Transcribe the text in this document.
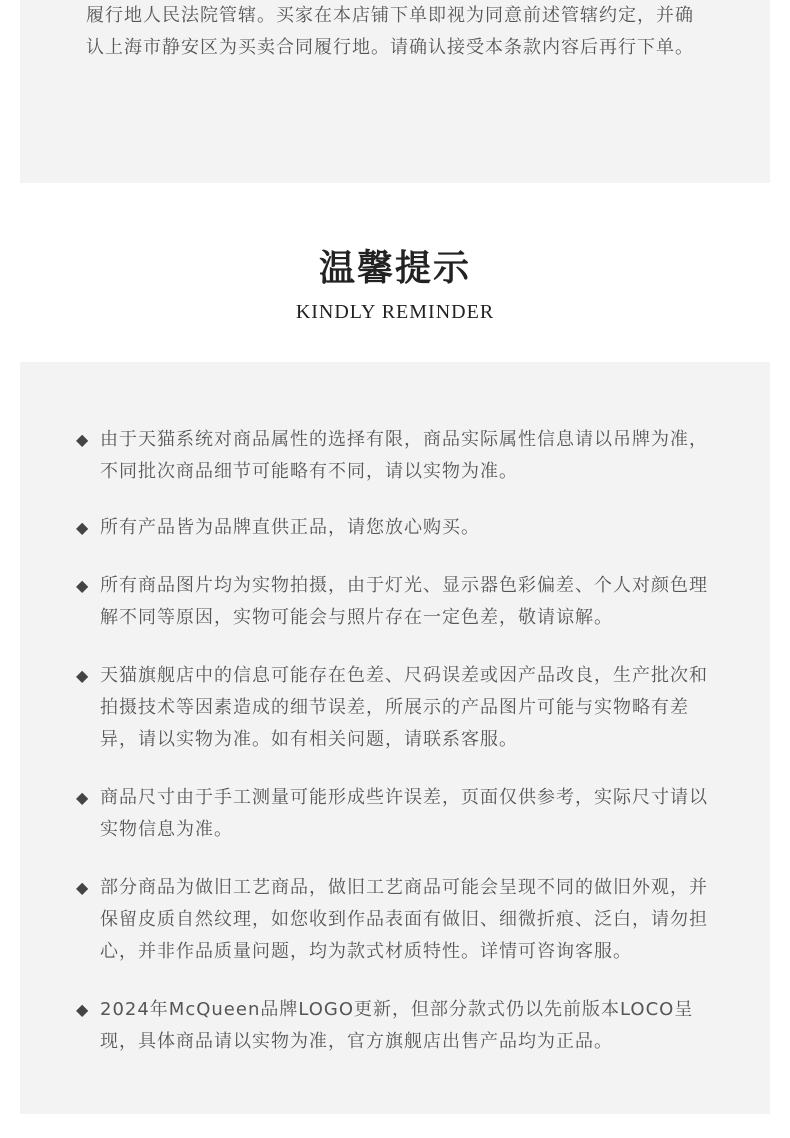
履行地人民法院管辖。买家在本店铺下单即视为同意前述管辖约定，并确认上海市静安区为买卖合同履行地。请确认接受本条款内容后再行下单。

温馨提示
KINDLY REMINDER
◆ 由于天猫系统对商品属性的选择有限，商品实际属性信息请以吊牌为准，不同批次商品细节可能略有不同，请以实物为准。
◆ 所有产品皆为品牌直供正品，请您放心购买。
◆ 所有商品图片均为实物拍摄，由于灯光、显示器色彩偏差、个人对颜色理解不同等原因，实物可能会与照片存在一定色差，敬请谅解。
◆ 天猫旗舰店中的信息可能存在色差、尺码误差或因产品改良，生产批次和拍摄技术等因素造成的细节误差，所展示的产品图片可能与实物略有差异，请以实物为准。如有相关问题，请联系客服。
◆ 商品尺寸由于手工测量可能形成些许误差，页面仅供参考，实际尺寸请以实物信息为准。
◆ 部分商品为做旧工艺商品，做旧工艺商品可能会呈现不同的做旧外观，并保留皮质自然纹理，如您收到作品表面有做旧、细微折痕、泛白，请勿担心，并非作品质量问题，均为款式材质特性。详情可咨询客服。
◆ 2024年McQueen品牌LOGO更新，但部分款式仍以先前版本LOCO呈现，具体商品请以实物为准，官方旗舰店出售产品均为正品。
